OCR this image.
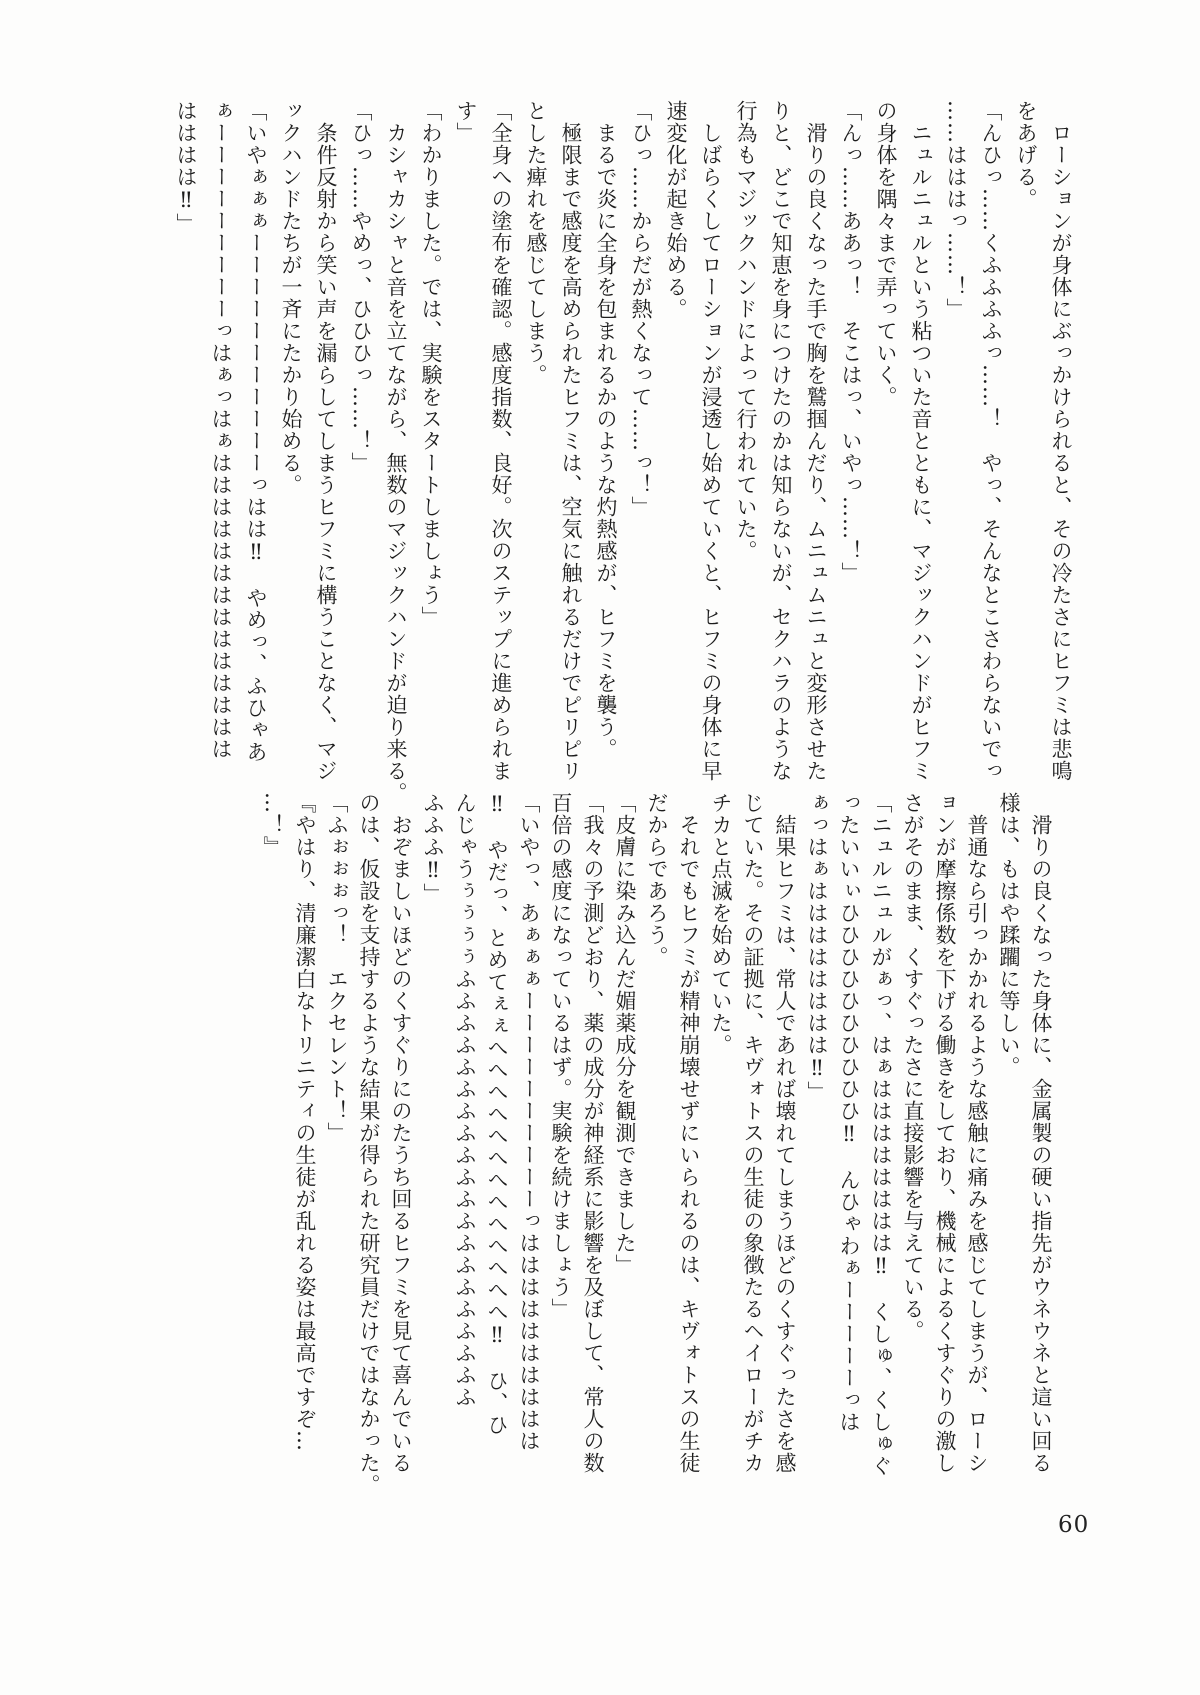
ローションが身体にぶっかけられると、その冷たさにヒフミは悲鳴
をあげる。
「んひっ……くふふふふっ……！　やっ、そんなとこさわらないでっ
……はははっ……！」
ニュルニュルという粘ついた音とともに、マジックハンドがヒフミ
の身体を隅々まで弄っていく。
「んっ……ああっ！　そこはっ、いやっ……！」
滑りの良くなった手で胸を鷲掴んだり、ムニュムニュと変形させた
りと、どこで知恵を身につけたのかは知らないが、セクハラのような
行為もマジックハンドによって行われていた。
しばらくしてローションが浸透し始めていくと、ヒフミの身体に早
速変化が起き始める。
「ひっ……からだが熱くなって……っ！」
まるで炎に全身を包まれるかのような灼熱感が、ヒフミを襲う。
極限まで感度を高められたヒフミは、空気に触れるだけでピリピリ
とした痺れを感じてしまう。
「全身への塗布を確認。感度指数、良好。次のステップに進められま
す」
「わかりました。では、実験をスタートしましょう」
カシャカシャと音を立てながら、無数のマジックハンドが迫り来る。
「ひっ……やめっ、ひひひっ……！」
条件反射から笑い声を漏らしてしまうヒフミに構うことなく、マジ
ックハンドたちが一斉にたかり始める。
「いやぁぁぁーーーーーーーーーーーっはは‼　やめっ、ふひゃあ
ぁーーーーーーーーーっはぁっはぁはははははははははははははは
はははは‼」
滑りの良くなった身体に、金属製の硬い指先がウネウネと這い回る
様は、もはや蹂躙に等しい。
普通なら引っかかれるような感触に痛みを感じてしまうが、ローシ
ョンが摩擦係数を下げる働きをしており、機械によるくすぐりの激し
さがそのまま、くすぐったさに直接影響を与えている。
「ニュルニュルがぁっ、はぁはははははははは‼　くしゅ、くしゅぐ
ったいいぃひひひひひひひひひひ‼　んひゃわぁーーーーーっは
ぁっはぁはははははははは‼」
結果ヒフミは、常人であれば壊れてしまうほどのくすぐったさを感
じていた。その証拠に、キヴォトスの生徒の象徴たるヘイローがチカ
チカと点滅を始めていた。
それでもヒフミが精神崩壊せずにいられるのは、キヴォトスの生徒
だからであろう。
「皮膚に染み込んだ媚薬成分を観測できました」
「我々の予測どおり、薬の成分が神経系に影響を及ぼして、常人の数
百倍の感度になっているはず。実験を続けましょう」
「いやっ、あぁぁぁーーーーーーーーーーっはははははははははは
‼　やだっ、とめてぇぇへへへへへへへへへへへへへ‼　ひ、ひ
んじゃうぅぅぅぅふふふふふふふふふふふふふふふふふふふふ
ふふふ‼」
おぞましいほどのくすぐりにのたうち回るヒフミを見て喜んでいる
のは、仮設を支持するような結果が得られた研究員だけではなかった。
「ふぉぉぉっ！　エクセレント！」
『やはり、清廉潔白なトリニティの生徒が乱れる姿は最高ですぞ…
…！』
60
